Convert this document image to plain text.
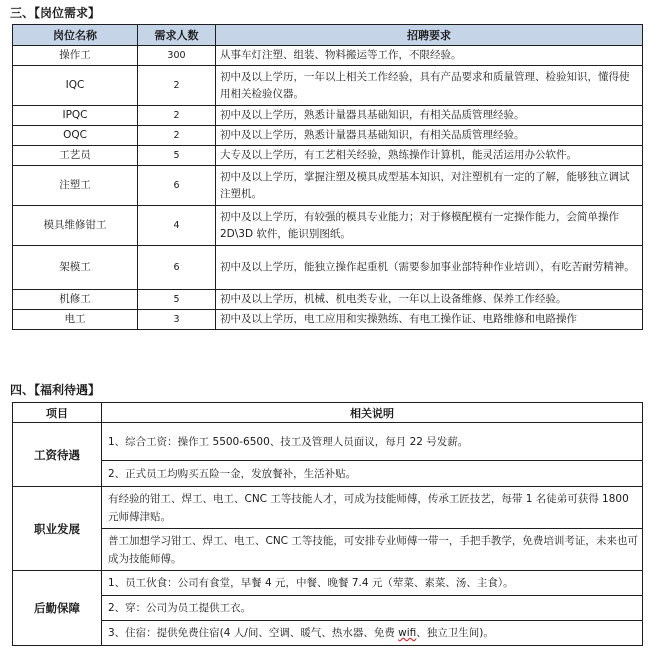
三、【岗位需求】
岗位名称	需求人数	招聘要求
操作工	300	从事车灯注塑、组装、物料搬运等工作，不限经验。
IQC	2	初中及以上学历，一年以上相关工作经验，具有产品要求和质量管理、检验知识，懂得使用相关检验仪器。
IPQC	2	初中及以上学历，熟悉计量器具基础知识，有相关品质管理经验。
OQC	2	初中及以上学历，熟悉计量器具基础知识，有相关品质管理经验。
工艺员	5	大专及以上学历，有工艺相关经验，熟练操作计算机，能灵活运用办公软件。
注塑工	6	初中及以上学历，掌握注塑及模具成型基本知识，对注塑机有一定的了解，能够独立调试注塑机。
模具维修钳工	4	初中及以上学历，有较强的模具专业能力；对于修模配模有一定操作能力，会简单操作 2D\3D 软件，能识别图纸。
架模工	6	初中及以上学历，能独立操作起重机（需要参加事业部特种作业培训），有吃苦耐劳精神。
机修工	5	初中及以上学历，机械、机电类专业，一年以上设备维修、保养工作经验。
电工	3	初中及以上学历，电工应用和实操熟练、有电工操作证、电路维修和电路操作
四、【福利待遇】
项目	相关说明
工资待遇	1、综合工资：操作工 5500-6500、技工及管理人员面议，每月 22 号发薪。
	2、正式员工均购买五险一金，发放餐补，生活补贴。
职业发展	有经验的钳工、焊工、电工、CNC 工等技能人才，可成为技能师傅，传承工匠技艺，每带 1 名徒弟可获得 1800 元师傅津贴。
	普工加想学习钳工、焊工、电工、CNC 工等技能，可安排专业师傅一带一，手把手教学，免费培训考证，未来也可成为技能师傅。
后勤保障	1、员工伙食：公司有食堂，早餐 4 元，中餐、晚餐 7.4 元（荤菜、素菜、汤、主食）。
	2、穿：公司为员工提供工衣。
	3、住宿：提供免费住宿(4 人/间、空调、暖气、热水器、免费 wifi、独立卫生间)。
